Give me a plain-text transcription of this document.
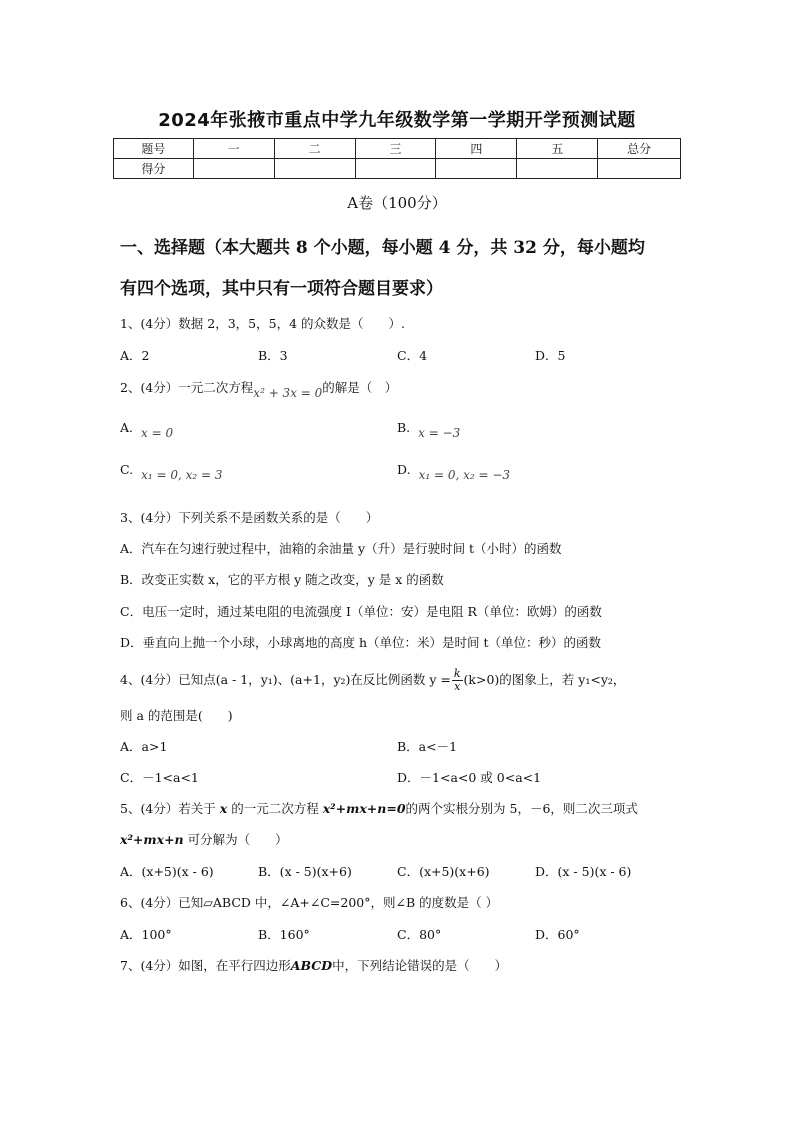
2024年张掖市重点中学九年级数学第一学期开学预测试题
题号	一	二	三	四	五	总分
得分						
A卷（100分）
一、选择题（本大题共 8 个小题，每小题 4 分，共 32 分，每小题均
有四个选项，其中只有一项符合题目要求）
1、(4分）数据 2，3，5，5，4 的众数是（　　）.
A．2	B．3	C．4	D．5
2、(4分）一元二次方程x² + 3x = 0的解是（　）
A. x = 0	B. x = −3
C. x₁ = 0, x₂ = 3	D. x₁ = 0, x₂ = −3
3、(4分）下列关系不是函数关系的是（　　）
A．汽车在匀速行驶过程中，油箱的余油量 y（升）是行驶时间 t（小时）的函数
B．改变正实数 x，它的平方根 y 随之改变，y 是 x 的函数
C．电压一定时，通过某电阻的电流强度 I（单位：安）是电阻 R（单位：欧姆）的函数
D．垂直向上抛一个小球，小球离地的高度 h（单位：米）是时间 t（单位：秒）的函数
4、(4分）已知点(a - 1，y₁)、(a+1，y₂)在反比例函数 $y = \frac{k}{x} (k>0)$的图象上，若 y₁<y₂，
则 a 的范围是(　　)
A．a>1	B．a<－1
C．－1<a<1	D．－1<a<0 或 0<a<1
5、(4分）若关于 x 的一元二次方程 x²+mx+n=0的两个实根分别为 5，－6，则二次三项式
x²+mx+n 可分解为（　　）
A．(x+5)(x - 6)	B．(x - 5)(x+6)	C．(x+5)(x+6)	D．(x - 5)(x - 6)
6、(4分）已知▱ABCD 中，∠A+∠C=200°，则∠B 的度数是（ ）
A．100°	B．160°	C．80°	D．60°
7、(4分）如图，在平行四边形ABCD中，下列结论错误的是（　　）
